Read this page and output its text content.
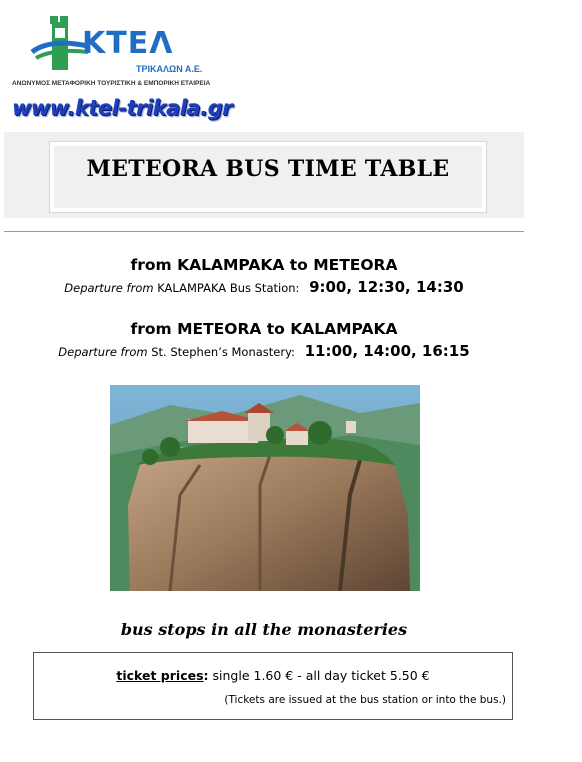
KTEΛ
ΤΡΙΚΑΛΩΝ Α.Ε.
ΑΝΩΝΥΜΟΣ ΜΕΤΑΦΟΡΙΚΗ ΤΟΥΡΙΣΤΙΚΗ & ΕΜΠΟΡΙΚΗ ΕΤΑΙΡΕΙΑ
www.ktel-trikala.gr
METEORA BUS TIME TABLE
from KALAMPAKA to METEORA
Departure from KALAMPAKA Bus Station: 9:00, 12:30, 14:30
from METEORA to KALAMPAKA
Departure from St. Stephen’s Monastery: 11:00, 14:00, 16:15
bus stops in all the monasteries
ticket prices: single 1.60 € - all day ticket 5.50 €
(Tickets are issued at the bus station or into the bus.)
